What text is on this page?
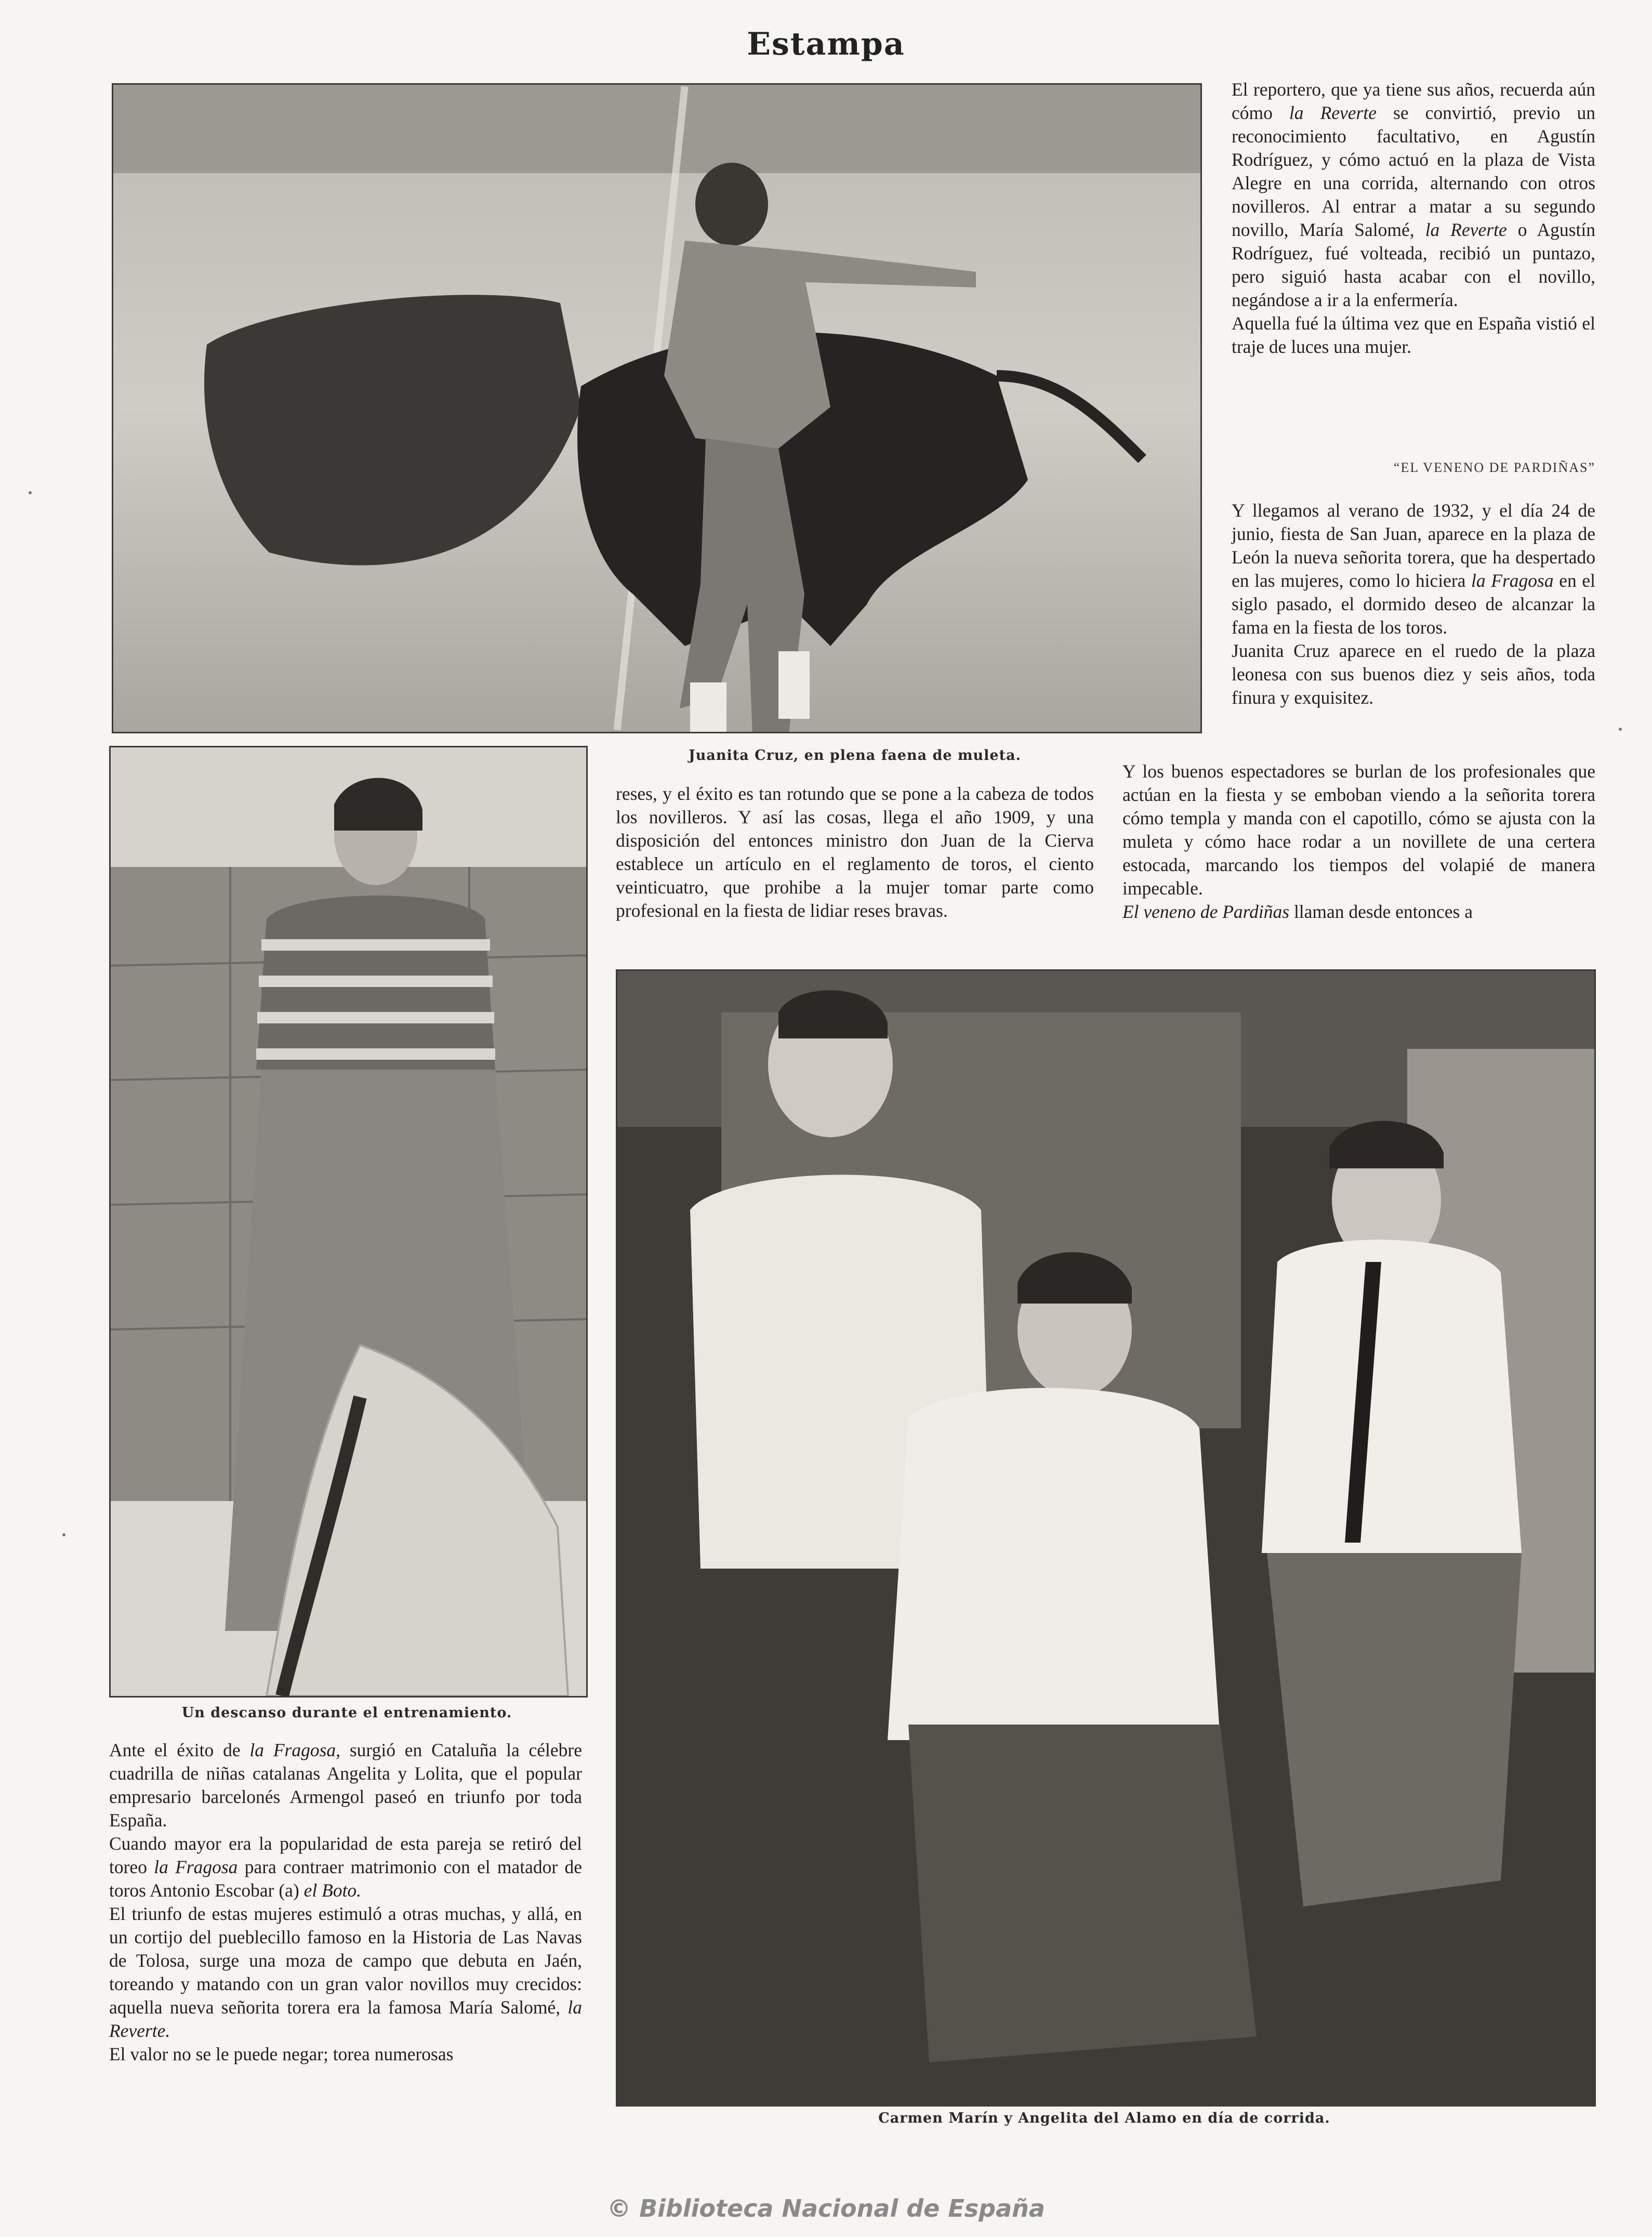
Estampa
Juanita Cruz, en plena faena de muleta.
Un descanso durante el entrenamiento.
Carmen Marín y Angelita del Alamo en día de corrida.

El reportero, que ya tiene sus años, recuerda aún cómo la Reverte se convirtió, previo un reconocimiento facultativo, en Agustín Rodríguez, y cómo actuó en la plaza de Vista Alegre en una corrida, alternando con otros novilleros. Al entrar a matar a su segundo novillo, María Salomé, la Reverte o Agustín Rodríguez, fué volteada, recibió un puntazo, pero siguió hasta acabar con el novillo, negándose a ir a la enfermería.

Aquella fué la última vez que en España vistió el traje de luces una mujer.

“EL VENENO DE PARDIÑAS”

Y llegamos al verano de 1932, y el día 24 de junio, fiesta de San Juan, aparece en la plaza de León la nueva señorita torera, que ha despertado en las mujeres, como lo hiciera la Fragosa en el siglo pasado, el dormido deseo de alcanzar la fama en la fiesta de los toros.

Juanita Cruz aparece en el ruedo de la plaza leonesa con sus buenos diez y seis años, toda finura y exquisitez.

Y los buenos espectadores se burlan de los profesionales que actúan en la fiesta y se emboban viendo a la señorita torera cómo templa y manda con el capotillo, cómo se ajusta con la muleta y cómo hace rodar a un novillete de una certera estocada, marcando los tiempos del volapié de manera impecable.

El veneno de Pardiñas llaman desde entonces a

reses, y el éxito es tan rotundo que se pone a la cabeza de todos los novilleros. Y así las cosas, llega el año 1909, y una disposición del entonces ministro don Juan de la Cierva establece un artículo en el reglamento de toros, el ciento veinticuatro, que prohibe a la mujer tomar parte como profesional en la fiesta de lidiar reses bravas.

Ante el éxito de la Fragosa, surgió en Cataluña la célebre cuadrilla de niñas catalanas Angelita y Lolita, que el popular empresario barcelonés Armengol paseó en triunfo por toda España.

Cuando mayor era la popularidad de esta pareja se retiró del toreo la Fragosa para contraer matrimonio con el matador de toros Antonio Escobar (a) el Boto.

El triunfo de estas mujeres estimuló a otras muchas, y allá, en un cortijo del pueblecillo famoso en la Historia de Las Navas de Tolosa, surge una moza de campo que debuta en Jaén, toreando y matando con un gran valor novillos muy crecidos: aquella nueva señorita torera era la famosa María Salomé, la Reverte.

El valor no se le puede negar; torea numerosas

© Biblioteca Nacional de España
